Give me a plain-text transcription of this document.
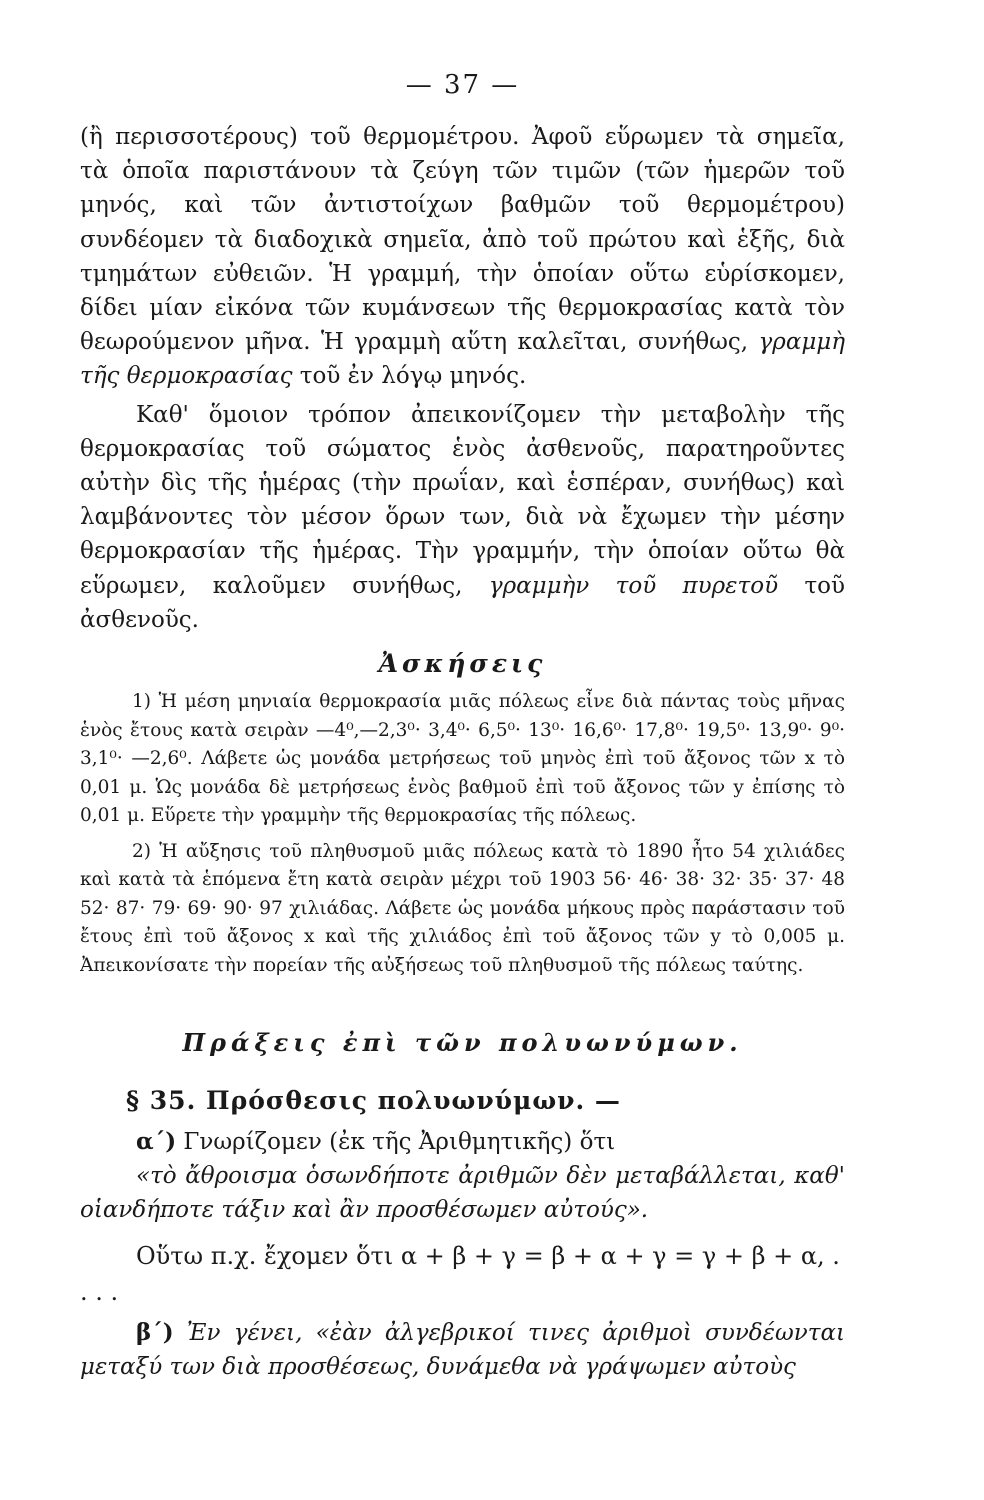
— 37 —

(ἢ περισσοτέρους) τοῦ θερμομέτρου. Ἀφοῦ εὕρωμεν τὰ σημεῖα, τὰ ὁποῖα παριστάνουν τὰ ζεύγη τῶν τιμῶν (τῶν ἡμερῶν τοῦ μηνός, καὶ τῶν ἀντιστοίχων βαθμῶν τοῦ θερμομέτρου) συνδέομεν τὰ διαδοχικὰ σημεῖα, ἀπὸ τοῦ πρώτου καὶ ἑξῆς, διὰ τμημάτων εὐθειῶν. Ἡ γραμμή, τὴν ὁποίαν οὕτω εὑρίσκομεν, δίδει μίαν εἰκόνα τῶν κυμάνσεων τῆς θερμοκρασίας κατὰ τὸν θεωρούμενον μῆνα. Ἡ γραμμὴ αὕτη καλεῖται, συνήθως, γραμμὴ τῆς θερμοκρασίας τοῦ ἐν λόγῳ μηνός.

Καθ' ὅμοιον τρόπον ἀπεικονίζομεν τὴν μεταβολὴν τῆς θερμοκρασίας τοῦ σώματος ἑνὸς ἀσθενοῦς, παρατηροῦντες αὐτὴν δὶς τῆς ἡμέρας (τὴν πρωΐαν, καὶ ἑσπέραν, συνήθως) καὶ λαμβάνοντες τὸν μέσον ὅρων των, διὰ νὰ ἔχωμεν τὴν μέσην θερμοκρασίαν τῆς ἡμέρας. Τὴν γραμμήν, τὴν ὁποίαν οὕτω θὰ εὕρωμεν, καλοῦμεν συνήθως, γραμμὴν τοῦ πυρετοῦ τοῦ ἀσθενοῦς.

Ἀσκήσεις

1) Ἡ μέση μηνιαία θερμοκρασία μιᾶς πόλεως εἶνε διὰ πάντας τοὺς μῆνας ἑνὸς ἔτους κατὰ σειρὰν —4⁰,—2,3⁰· 3,4⁰· 6,5⁰· 13⁰· 16,6⁰· 17,8⁰· 19,5⁰· 13,9⁰· 9⁰· 3,1⁰· —2,6⁰. Λάβετε ὡς μονάδα μετρήσεως τοῦ μηνὸς ἐπὶ τοῦ ἄξονος τῶν x τὸ 0,01 μ. Ὡς μονάδα δὲ μετρήσεως ἑνὸς βαθμοῦ ἐπὶ τοῦ ἄξονος τῶν y ἐπίσης τὸ 0,01 μ. Εὕρετε τὴν γραμμὴν τῆς θερμοκρασίας τῆς πόλεως.

2) Ἡ αὔξησις τοῦ πληθυσμοῦ μιᾶς πόλεως κατὰ τὸ 1890 ἦτο 54 χιλιάδες καὶ κατὰ τὰ ἑπόμενα ἔτη κατὰ σειρὰν μέχρι τοῦ 1903 56· 46· 38· 32· 35· 37· 48 52· 87· 79· 69· 90· 97 χιλιάδας. Λάβετε ὡς μονάδα μήκους πρὸς παράστασιν τοῦ ἔτους ἐπὶ τοῦ ἄξονος x καὶ τῆς χιλιάδος ἐπὶ τοῦ ἄξονος τῶν y τὸ 0,005 μ. Ἀπεικονίσατε τὴν πορείαν τῆς αὐξήσεως τοῦ πληθυσμοῦ τῆς πόλεως ταύτης.

Πράξεις ἐπὶ τῶν πολυωνύμων.
§ 35. Πρόσθεσις πολυωνύμων. —

α΄) Γνωρίζομεν (ἐκ τῆς Ἀριθμητικῆς) ὅτι

«τὸ ἄθροισμα ὁσωνδήποτε ἀριθμῶν δὲν μεταβάλλεται, καθ' οἱανδήποτε τάξιν καὶ ἂν προσθέσωμεν αὐτούς».

Οὕτω π.χ. ἔχομεν ὅτι α + β + γ = β + α + γ = γ + β + α, . . . .

β΄) Ἐν γένει, «ἐὰν ἀλγεβρικοί τινες ἀριθμοὶ συνδέωνται μεταξύ των διὰ προσθέσεως, δυνάμεθα νὰ γράψωμεν αὐτοὺς
